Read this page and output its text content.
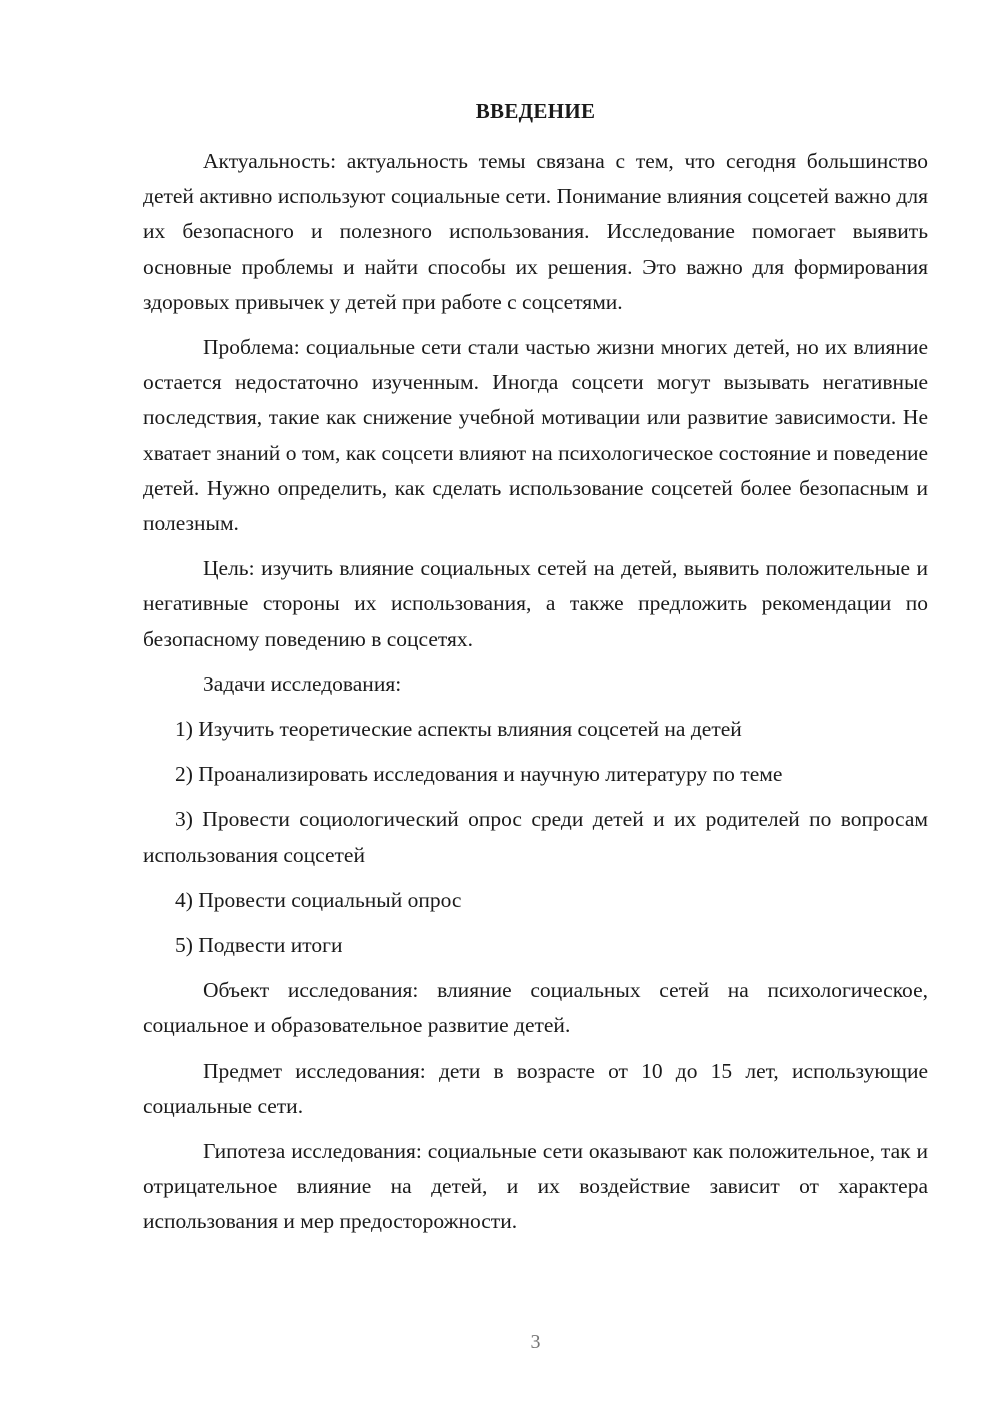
ВВЕДЕНИЕ

Актуальность: актуальность темы связана с тем, что сегодня большинство детей активно используют социальные сети. Понимание влияния соцсетей важно для их безопасного и полезного использования. Исследование помогает выявить основные проблемы и найти способы их решения. Это важно для формирования здоровых привычек у детей при работе с соцсетями.

Проблема: социальные сети стали частью жизни многих детей, но их влияние остается недостаточно изученным. Иногда соцсети могут вызывать негативные последствия, такие как снижение учебной мотивации или развитие зависимости. Не хватает знаний о том, как соцсети влияют на психологическое состояние и поведение детей. Нужно определить, как сделать использование соцсетей более безопасным и полезным.

Цель: изучить влияние социальных сетей на детей, выявить положительные и негативные стороны их использования, а также предложить рекомендации по безопасному поведению в соцсетях.

Задачи исследования:

1) Изучить теоретические аспекты влияния соцсетей на детей

2) Проанализировать исследования и научную литературу по теме

3) Провести социологический опрос среди детей и их родителей по вопросам использования соцсетей

4) Провести социальный опрос

5) Подвести итоги

Объект исследования: влияние социальных сетей на психологическое, социальное и образовательное развитие детей.

Предмет исследования: дети в возрасте от 10 до 15 лет, использующие социальные сети.

Гипотеза исследования: социальные сети оказывают как положительное, так и отрицательное влияние на детей, и их воздействие зависит от характера использования и мер предосторожности.

3
